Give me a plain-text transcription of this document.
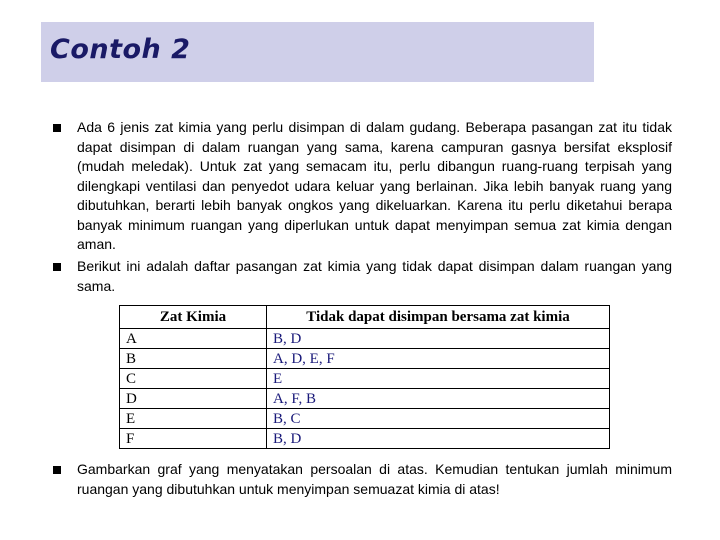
Contoh 2
Ada 6 jenis zat kimia yang perlu disimpan di dalam gudang. Beberapa pasangan zat itu tidak dapat disimpan di dalam ruangan yang sama, karena campuran gasnya bersifat eksplosif (mudah meledak). Untuk zat yang semacam itu, perlu dibangun ruang-ruang terpisah yang dilengkapi ventilasi dan penyedot udara keluar yang berlainan. Jika lebih banyak ruang yang dibutuhkan, berarti lebih banyak ongkos yang dikeluarkan. Karena itu perlu diketahui berapa banyak minimum ruangan yang diperlukan untuk dapat menyimpan semua zat kimia dengan aman.
Berikut ini adalah daftar pasangan zat kimia yang tidak dapat disimpan dalam ruangan yang sama.
Zat Kimia	Tidak dapat disimpan bersama zat kimia
A	B, D
B	A, D, E, F
C	E
D	A, F, B
E	B, C
F	B, D
Gambarkan graf yang menyatakan persoalan di atas. Kemudian tentukan jumlah minimum ruangan yang dibutuhkan untuk menyimpan semuazat kimia di atas!
